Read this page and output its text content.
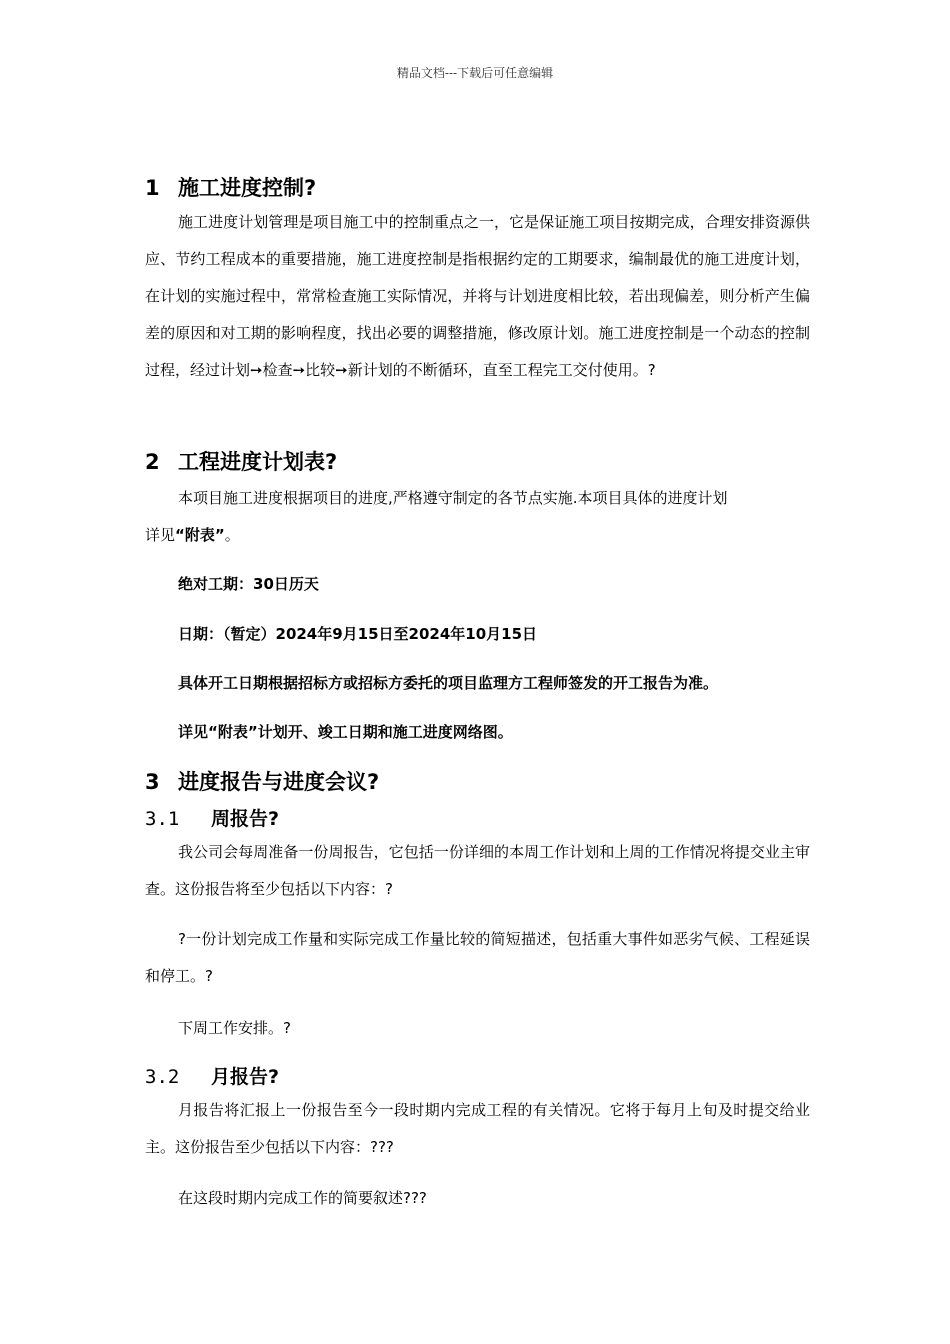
精品文档---下载后可任意编辑
1 施工进度控制?
施工进度计划管理是项目施工中的控制重点之一，它是保证施工项目按期完成，合理安排资源供应、节约工程成本的重要措施，施工进度控制是指根据约定的工期要求，编制最优的施工进度计划，在计划的实施过程中，常常检查施工实际情况，并将与计划进度相比较，若出现偏差，则分析产生偏差的原因和对工期的影响程度，找出必要的调整措施，修改原计划。施工进度控制是一个动态的控制过程，经过计划➙检查➙比较➙新计划的不断循环，直至工程完工交付使用。?
2 工程进度计划表?
本项目施工进度根据项目的进度,严格遵守制定的各节点实施.本项目具体的进度计划
详见“附表”。
绝对工期：30日历天
日期：（暂定）2024年9月15日至2024年10月15日
具体开工日期根据招标方或招标方委托的项目监理方工程师签发的开工报告为准。
详见“附表”计划开、竣工日期和施工进度网络图。
3 进度报告与进度会议?
3.1 周报告?
我公司会每周准备一份周报告，它包括一份详细的本周工作计划和上周的工作情况将提交业主审查。这份报告将至少包括以下内容：?
?一份计划完成工作量和实际完成工作量比较的简短描述，包括重大事件如恶劣气候、工程延误和停工。?
下周工作安排。?
3.2 月报告?
月报告将汇报上一份报告至今一段时期内完成工程的有关情况。它将于每月上旬及时提交给业主。这份报告至少包括以下内容：???
在这段时期内完成工作的简要叙述???
